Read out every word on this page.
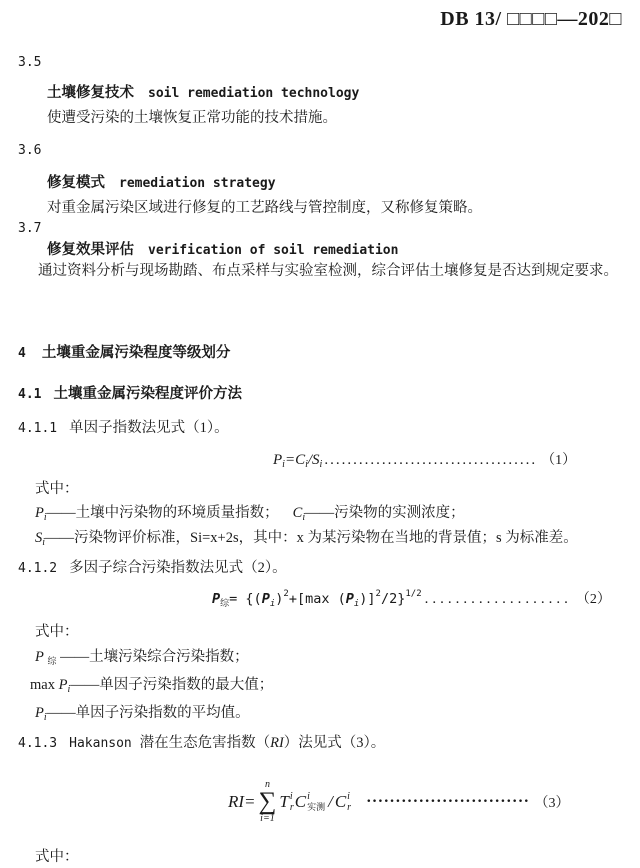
DB 13/ □□□□—202□
3.5
土壤修复技术 soil remediation technology
使遭受污染的土壤恢复正常功能的技术措施。
3.6
修复模式 remediation strategy
对重金属污染区域进行修复的工艺路线与管控制度，又称修复策略。
3.7
修复效果评估 verification of soil remediation
通过资料分析与现场勘踏、布点采样与实验室检测，综合评估土壤修复是否达到规定要求。
4 土壤重金属污染程度等级划分
4.1 土壤重金属污染程度评价方法
4.1.1 单因子指数法见式（1）。
$P_i=C_i/S_i$ ..................................... （1）
式中：
$P_i——$土壤中污染物的环境质量指数； $C_i——$污染物的实测浓度；
$S_i——$污染物评价标准，Si=x+2s，其中：x 为某污染物在当地的背景值；s 为标准差。
4.1.2 多因子综合污染指数法见式（2）。
$P_综= \{(P_i)^2+[\max$ $(P_i)]^2/2\}^{1/2}$ ................... （2）
式中：
P $_综$ ——土壤污染综合污染指数；
$\max P_i——$单因子污染指数的最大值；
$P_i——$单因子污染指数的平均值。
4.1.3 Hakanson 潜在生态危害指数（RI）法见式（3）。
RI =
n
∑
i=1
T i
r C i
实测 / C i
r ···························· （3）
式中：
